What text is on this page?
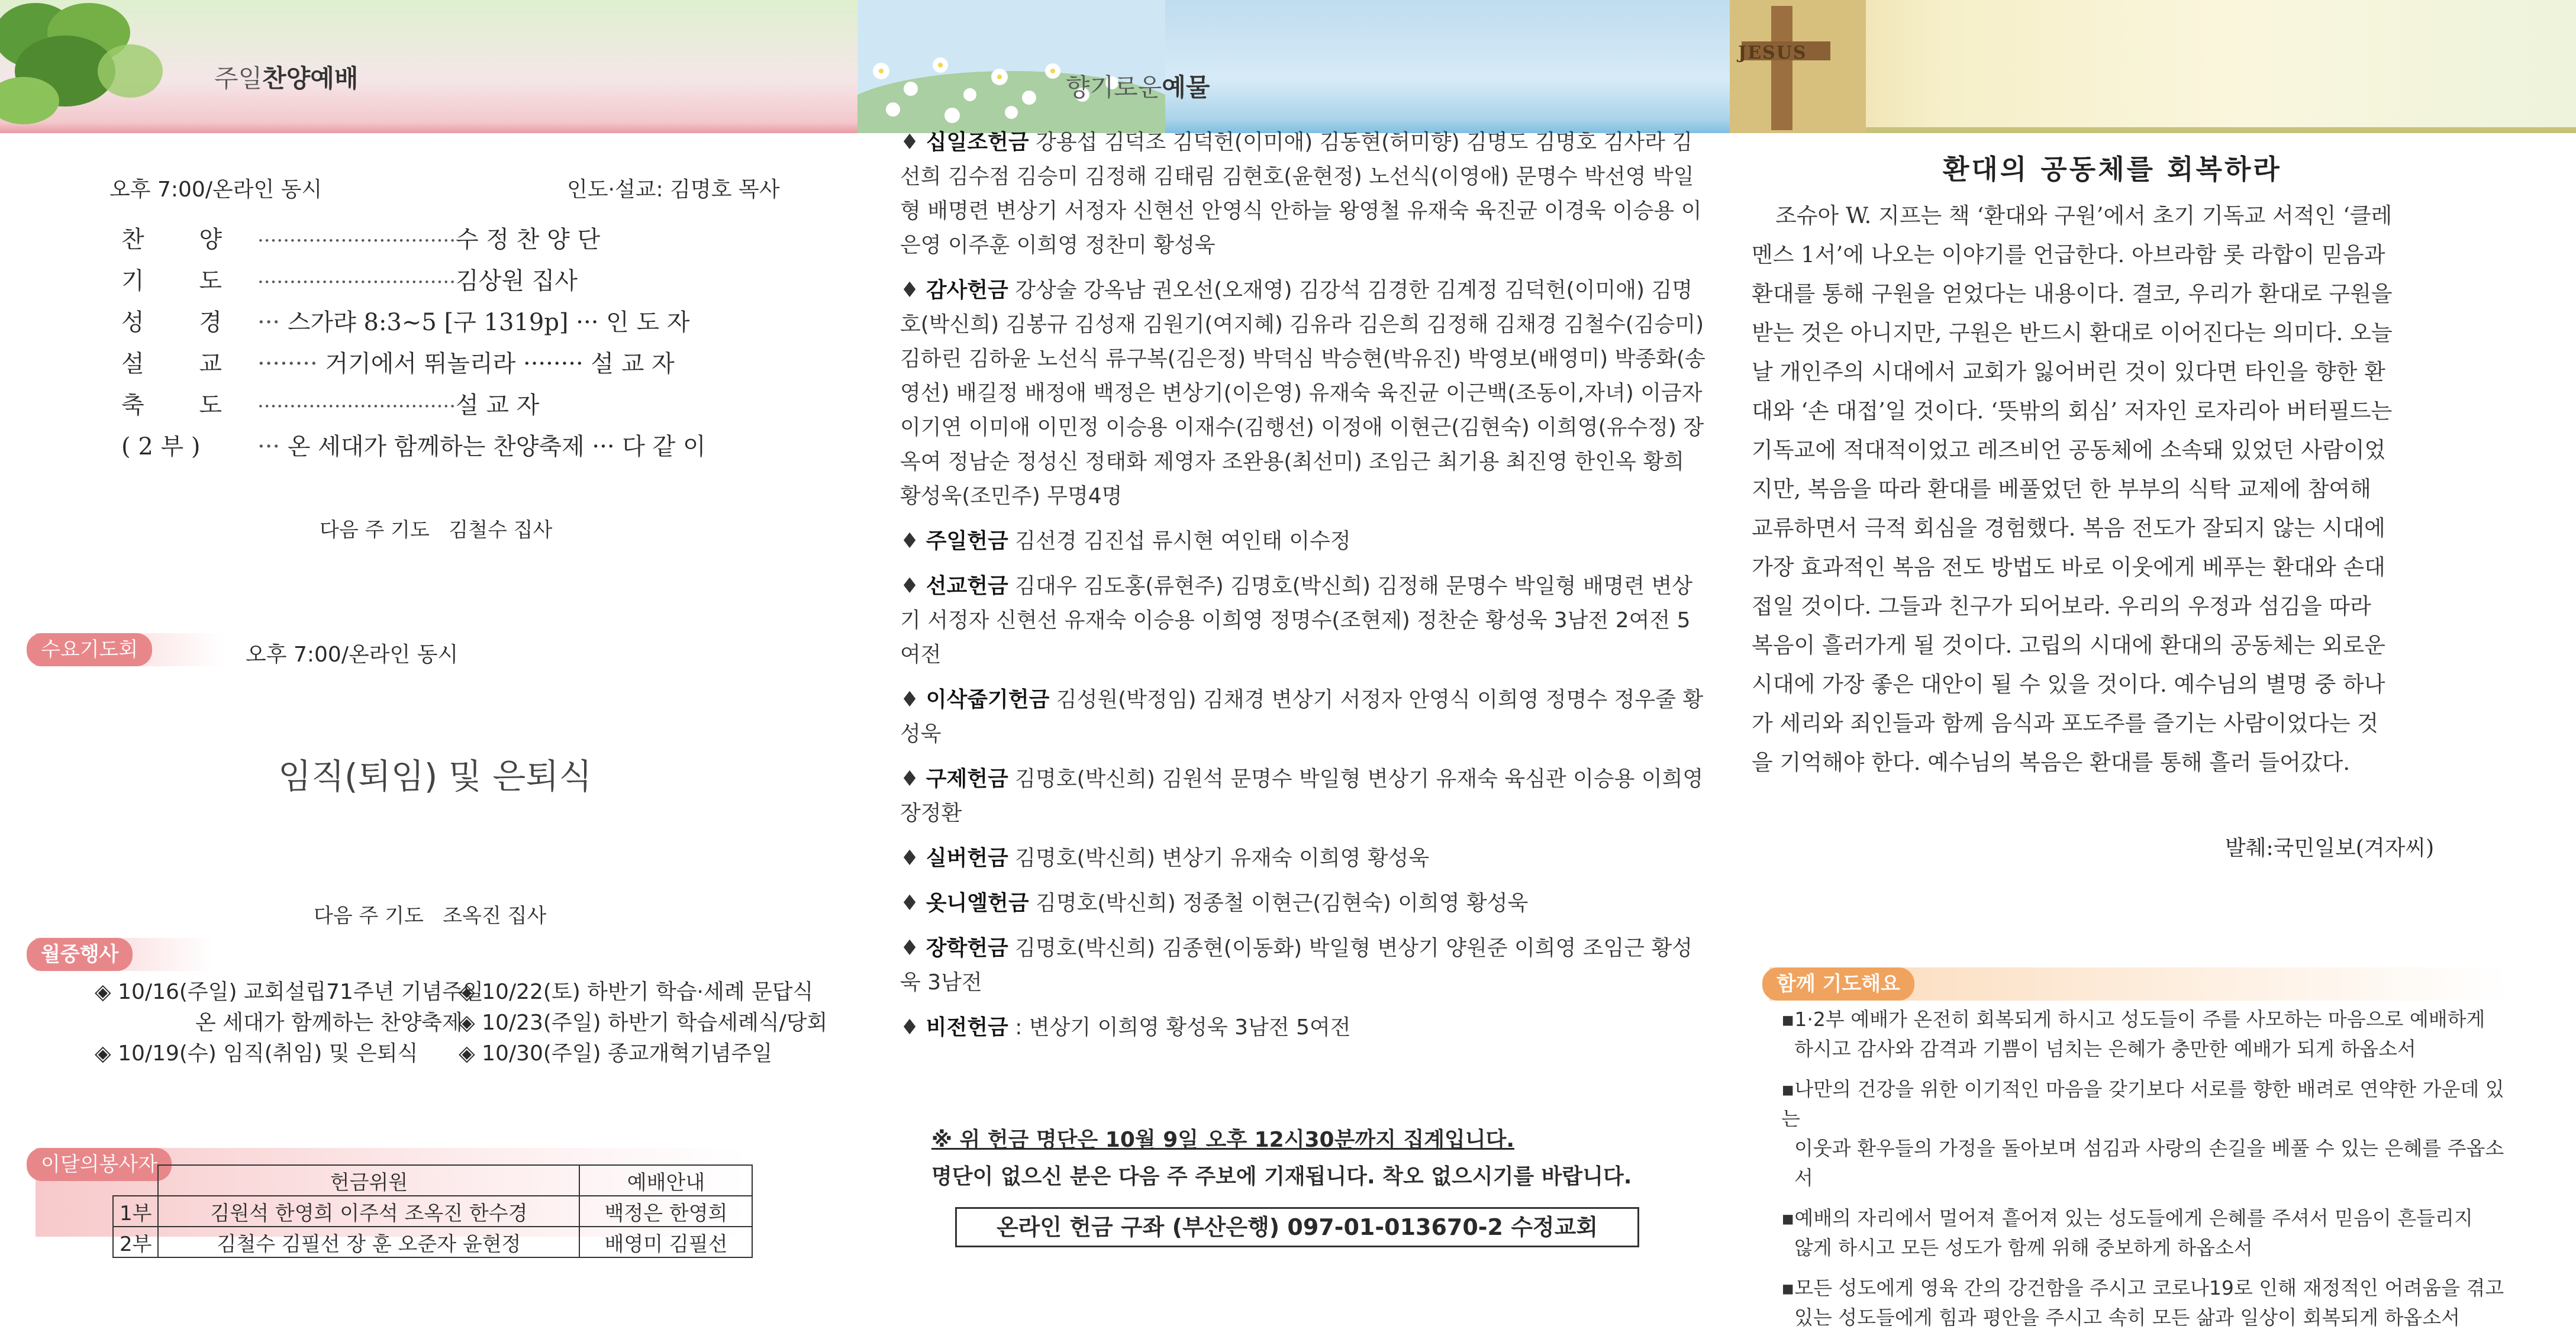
주일찬양예배
오후 7:00/온라인 동시	인도·설교: 김명호 목사
찬 양 ·······························수 정 찬 양 단
기 도 ·······························김상원 집사
성 경 ··· 스가랴 8:3~5 [구 1319p] ··· 인 도 자
설 교 ········ 거기에서 뛰놀리라 ········ 설 교 자
축 도 ·······························설 교 자
( 2 부 ) ··· 온 세대가 함께하는 찬양축제 ··· 다 같 이
다음 주 기도 김철수 집사
수요기도회	오후 7:00/온라인 동시
임직(퇴임) 및 은퇴식
다음 주 기도 조옥진 집사
월중행사
◈ 10/16(주일) 교회설립71주년 기념주일
온 세대가 함께하는 찬양축제
◈ 10/19(수) 임직(취임) 및 은퇴식
◈ 10/22(토) 하반기 학습·세례 문답식
◈ 10/23(주일) 하반기 학습세례식/당회
◈ 10/30(주일) 종교개혁기념주일
이달의봉사자
	헌금위원	예배안내
1부	김원석 한영희 이주석 조옥진 한수경	백정은 한영희
2부	김철수 김필선 장 훈 오준자 윤현정	배영미 김필선
향기로운예물
♦ 십일조헌금 강용섭 김덕조 김덕헌(이미애) 김동현(허미향) 김명도 김명호 김사라 김선희 김수점 김승미 김정해 김태림 김현호(윤현정) 노선식(이영애) 문명수 박선영 박일형 배명련 변상기 서정자 신현선 안영식 안하늘 왕영철 유재숙 육진균 이경욱 이승용 이은영 이주훈 이희영 정찬미 황성욱
♦ 감사헌금 강상술 강옥남 권오선(오재영) 김강석 김경한 김계정 김덕헌(이미애) 김명호(박신희) 김봉규 김성재 김원기(여지혜) 김유라 김은희 김정해 김채경 김철수(김승미) 김하린 김하윤 노선식 류구복(김은정) 박덕심 박승현(박유진) 박영보(배영미) 박종화(송영선) 배길정 배정애 백정은 변상기(이은영) 유재숙 육진균 이근백(조동이,자녀) 이금자 이기연 이미애 이민정 이승용 이재수(김행선) 이정애 이현근(김현숙) 이희영(유수정) 장옥여 정남순 정성신 정태화 제영자 조완용(최선미) 조임근 최기용 최진영 한인옥 황희 황성욱(조민주) 무명4명
♦ 주일헌금 김선경 김진섭 류시현 여인태 이수정
♦ 선교헌금 김대우 김도홍(류현주) 김명호(박신희) 김정해 문명수 박일형 배명련 변상기 서정자 신현선 유재숙 이승용 이희영 정명수(조현제) 정찬순 황성욱 3남전 2여전 5여전
♦ 이삭줍기헌금 김성원(박정임) 김채경 변상기 서정자 안영식 이희영 정명수 정우줄 황성욱
♦ 구제헌금 김명호(박신희) 김원석 문명수 박일형 변상기 유재숙 육심관 이승용 이희영 장정환
♦ 실버헌금 김명호(박신희) 변상기 유재숙 이희영 황성욱
♦ 옷니엘헌금 김명호(박신희) 정종철 이현근(김현숙) 이희영 황성욱
♦ 장학헌금 김명호(박신희) 김종현(이동화) 박일형 변상기 양원준 이희영 조임근 황성욱 3남전
♦ 비전헌금 : 변상기 이희영 황성욱 3남전 5여전
※ 위 헌금 명단은 10월 9일 오후 12시30분까지 집계입니다.
명단이 없으신 분은 다음 주 주보에 기재됩니다. 착오 없으시기를 바랍니다.
온라인 헌금 구좌 (부산은행) 097-01-013670-2 수정교회
JESUS
환대의 공동체를 회복하라
조슈아 W. 지프는 책 ‘환대와 구원’에서 초기 기독교 서적인 ‘클레
멘스 1서’에 나오는 이야기를 언급한다. 아브라함 롯 라합이 믿음과
환대를 통해 구원을 얻었다는 내용이다. 결코, 우리가 환대로 구원을
받는 것은 아니지만, 구원은 반드시 환대로 이어진다는 의미다. 오늘
날 개인주의 시대에서 교회가 잃어버린 것이 있다면 타인을 향한 환
대와 ‘손 대접’일 것이다. ‘뜻밖의 회심’ 저자인 로자리아 버터필드는
기독교에 적대적이었고 레즈비언 공동체에 소속돼 있었던 사람이었
지만, 복음을 따라 환대를 베풀었던 한 부부의 식탁 교제에 참여해
교류하면서 극적 회심을 경험했다. 복음 전도가 잘되지 않는 시대에
가장 효과적인 복음 전도 방법도 바로 이웃에게 베푸는 환대와 손대
접일 것이다. 그들과 친구가 되어보라. 우리의 우정과 섬김을 따라
복음이 흘러가게 될 것이다. 고립의 시대에 환대의 공동체는 외로운
시대에 가장 좋은 대안이 될 수 있을 것이다. 예수님의 별명 중 하나
가 세리와 죄인들과 함께 음식과 포도주를 즐기는 사람이었다는 것
을 기억해야 한다. 예수님의 복음은 환대를 통해 흘러 들어갔다.
발췌:국민일보(겨자씨)
함께 기도해요
▪1·2부 예배가 온전히 회복되게 하시고 성도들이 주를 사모하는 마음으로 예배하게
하시고 감사와 감격과 기쁨이 넘치는 은혜가 충만한 예배가 되게 하옵소서
▪나만의 건강을 위한 이기적인 마음을 갖기보다 서로를 향한 배려로 연약한 가운데 있는
이웃과 환우들의 가정을 돌아보며 섬김과 사랑의 손길을 베풀 수 있는 은혜를 주옵소서
▪예배의 자리에서 멀어져 흩어져 있는 성도들에게 은혜를 주셔서 믿음이 흔들리지
않게 하시고 모든 성도가 함께 위해 중보하게 하옵소서
▪모든 성도에게 영육 간의 강건함을 주시고 코로나19로 인해 재정적인 어려움을 겪고
있는 성도들에게 힘과 평안을 주시고 속히 모든 삶과 일상이 회복되게 하옵소서
